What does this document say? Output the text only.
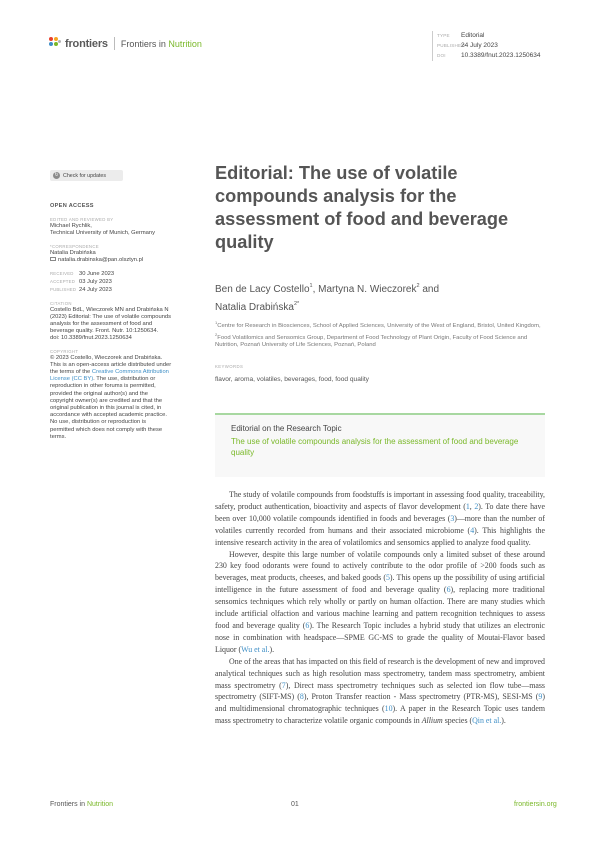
frontiers Frontiers in Nutrition
TYPE Editorial
PUBLISHED24 July 2023
DOI 10.3389/fnut.2023.1250634
↻ Check for updates
OPEN ACCESS
EDITED AND REVIEWED BY
Michael Rychlik,
Technical University of Munich, Germany
*CORRESPONDENCE
Natalia Drabińska
natalia.drabinska@pan.olsztyn.pl
RECEIVED 30 June 2023
ACCEPTED 03 July 2023
PUBLISHED 24 July 2023
CITATION
Costello BdL, Wieczorek MN and Drabińska N
(2023) Editorial: The use of volatile compounds
analysis for the assessment of food and
beverage quality. Front. Nutr. 10:1250634.
doi: 10.3389/fnut.2023.1250634
COPYRIGHT
© 2023 Costello, Wieczorek and Drabińska.
This is an open-access article distributed under
the terms of the Creative Commons Attribution
License (CC BY). The use, distribution or
reproduction in other forums is permitted,
provided the original author(s) and the
copyright owner(s) are credited and that the
original publication in this journal is cited, in
accordance with accepted academic practice.
No use, distribution or reproduction is
permitted which does not comply with these
terms.
Editorial: The use of volatile compounds analysis for the assessment of food and beverage quality
Ben de Lacy Costello$^1$, Martyna N. Wieczorek$^2$ and
Natalia Drabińska$^{2*}$
$^1$Centre for Research in Biosciences, School of Applied Sciences, University of the West of England, Bristol, United Kingdom, $^2$Food Volatilomics and Sensomics Group, Department of Food Technology of Plant Origin, Faculty of Food Science and Nutrition, Poznań University of Life Sciences, Poznań, Poland
KEYWORDS
flavor, aroma, volatiles, beverages, food, food quality
Editorial on the Research Topic
The use of volatile compounds analysis for the assessment of food and beverage quality

The study of volatile compounds from foodstuffs is important in assessing food quality, traceability, safety, product authentication, bioactivity and aspects of flavor development (1, 2). To date there have been over 10,000 volatile compounds identified in foods and beverages (3)—more than the number of volatiles currently recorded from humans and their associated microbiome (4). This highlights the intensive research activity in the area of volatilomics and sensomics applied to analyze food quality.

However, despite this large number of volatile compounds only a limited subset of these around 230 key food odorants were found to actively contribute to the odor profile of >200 foods such as beverages, meat products, cheeses, and baked goods (5). This opens up the possibility of using artificial intelligence in the future assessment of food and beverage quality (6), replacing more traditional sensomics techniques which rely wholly or partly on human olfaction. There are many studies which include artificial olfaction and various machine learning and pattern recognition techniques to assess food and beverage quality (6). The Research Topic includes a hybrid study that utilizes an electronic nose in combination with headspace—SPME GC-MS to grade the quality of Moutai-Flavor based Liquor (Wu et al.).

One of the areas that has impacted on this field of research is the development of new and improved analytical techniques such as high resolution mass spectrometry, tandem mass spectrometry, ambient mass spectrometry (7), Direct mass spectrometry techniques such as selected ion flow tube—mass spectrometry (SIFT-MS) (8), Proton Transfer reaction - Mass spectrometry (PTR-MS), SESI-MS (9) and multidimensional chromatographic techniques (10). A paper in the Research Topic uses tandem mass spectrometry to characterize volatile organic compounds in Allium species (Qin et al.).

Frontiers in Nutrition	01	frontiersin.org
